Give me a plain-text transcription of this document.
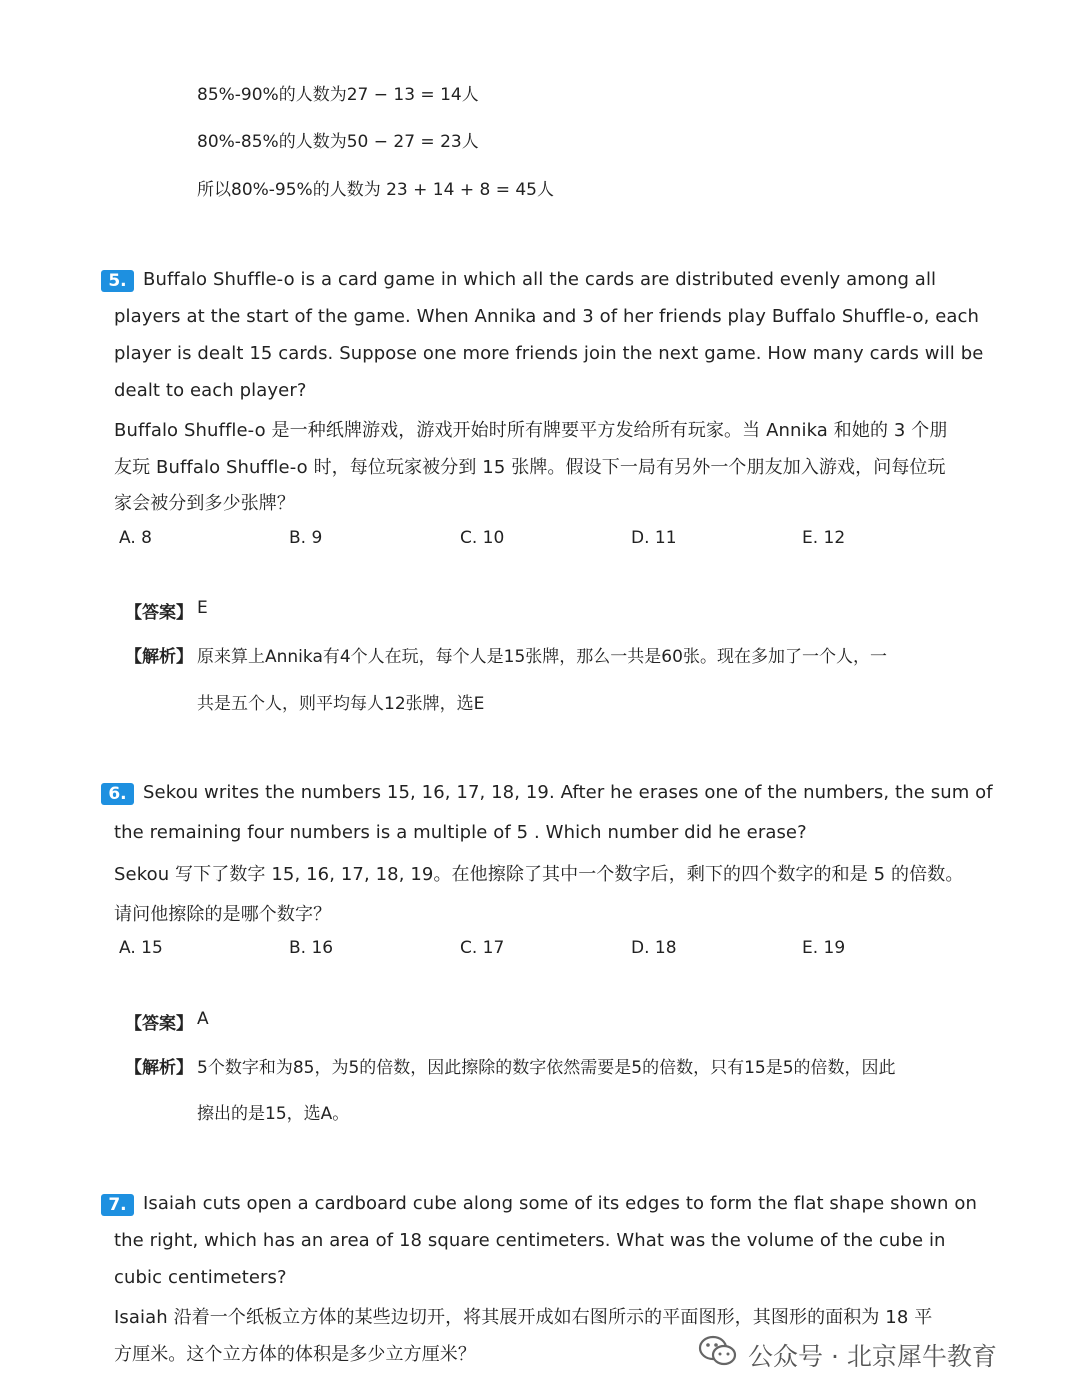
85%-90%的人数为27 − 13 = 14人
80%-85%的人数为50 − 27 = 23人
所以80%-95%的人数为 23 + 14 + 8 = 45人
5. Buffalo Shuffle-o is a card game in which all the cards are distributed evenly among all
players at the start of the game. When Annika and 3 of her friends play Buffalo Shuffle-o, each
player is dealt 15 cards. Suppose one more friends join the next game. How many cards will be
dealt to each player?
Buffalo Shuffle-o 是一种纸牌游戏，游戏开始时所有牌要平方发给所有玩家。当 Annika 和她的 3 个朋
友玩 Buffalo Shuffle-o 时，每位玩家被分到 15 张牌。假设下一局有另外一个朋友加入游戏，问每位玩
家会被分到多少张牌？
A. 8	B. 9	C. 10	D. 11	E. 12
【答案】 E
【解析】 原来算上Annika有4个人在玩，每个人是15张牌，那么一共是60张。现在多加了一个人，一
共是五个人，则平均每人12张牌，选E
6. Sekou writes the numbers 15, 16, 17, 18, 19. After he erases one of the numbers, the sum of
the remaining four numbers is a multiple of 5 . Which number did he erase?
Sekou 写下了数字 15, 16, 17, 18, 19。在他擦除了其中一个数字后，剩下的四个数字的和是 5 的倍数。
请问他擦除的是哪个数字？
A. 15	B. 16	C. 17	D. 18	E. 19
【答案】 A
【解析】 5个数字和为85，为5的倍数，因此擦除的数字依然需要是5的倍数，只有15是5的倍数，因此
擦出的是15，选A。
7. Isaiah cuts open a cardboard cube along some of its edges to form the flat shape shown on
the right, which has an area of 18 square centimeters. What was the volume of the cube in
cubic centimeters?
Isaiah 沿着一个纸板立方体的某些边切开，将其展开成如右图所示的平面图形，其图形的面积为 18 平
方厘米。这个立方体的体积是多少立方厘米？	公众号 · 北京犀牛教育
